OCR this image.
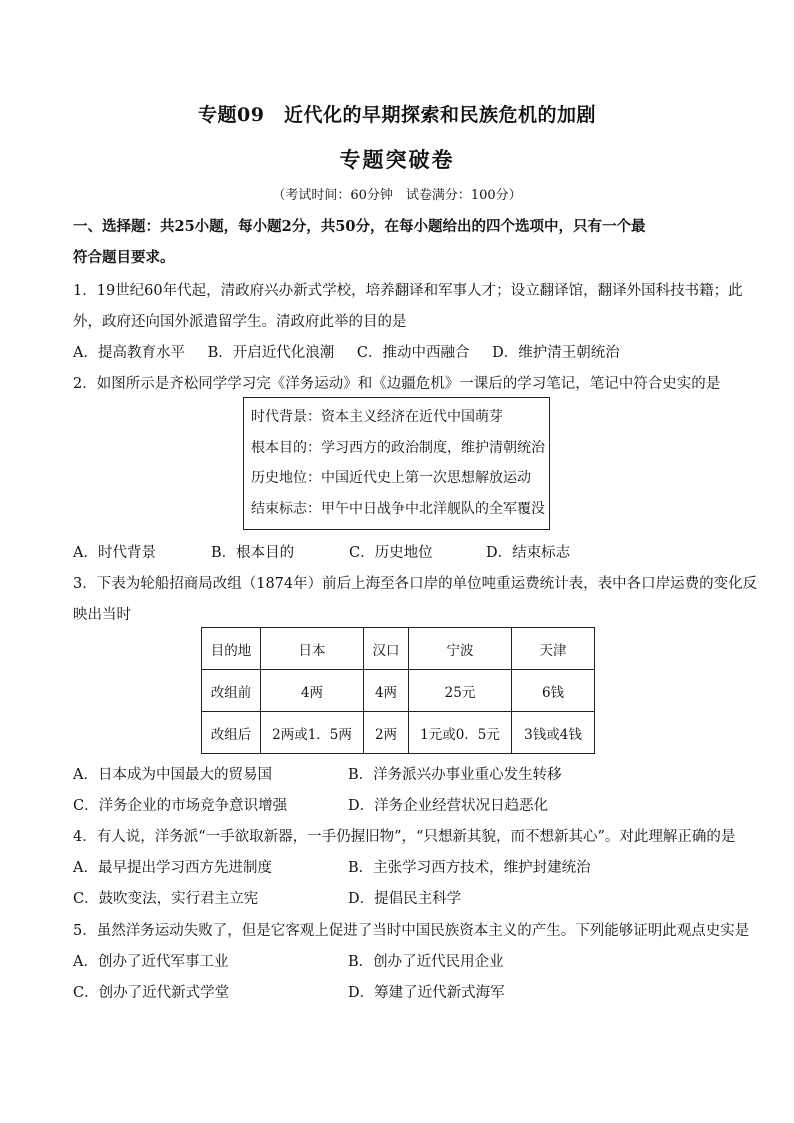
专题09　近代化的早期探索和民族危机的加剧
专题突破卷
（考试时间：60分钟　试卷满分：100分）
一、选择题：共25小题，每小题2分，共50分，在每小题给出的四个选项中，只有一个最
符合题目要求。
1．19世纪60年代起，清政府兴办新式学校，培养翻译和军事人才；设立翻译馆，翻译外国科技书籍；此
外，政府还向国外派遣留学生。清政府此举的目的是
A．提高教育水平 B．开启近代化浪潮 C．推动中西融合 D．维护清王朝统治
2．如图所示是齐松同学学习完《洋务运动》和《边疆危机》一课后的学习笔记，笔记中符合史实的是
时代背景：资本主义经济在近代中国萌芽
根本目的：学习西方的政治制度，维护清朝统治
历史地位：中国近代史上第一次思想解放运动
结束标志：甲午中日战争中北洋舰队的全军覆没
A．时代背景	B．根本目的	C．历史地位	D．结束标志
3．下表为轮船招商局改组（1874年）前后上海至各口岸的单位吨重运费统计表，表中各口岸运费的变化反
映出当时
目的地	日本	汉口	宁波	天津
改组前	4两	4两	25元	6钱
改组后	2两或1．5两	2两	1元或0．5元	3钱或4钱
A．日本成为中国最大的贸易国	B．洋务派兴办事业重心发生转移
C．洋务企业的市场竞争意识增强	D．洋务企业经营状况日趋恶化
4．有人说，洋务派“一手欲取新器，一手仍握旧物”，“只想新其貌，而不想新其心”。对此理解正确的是
A．最早提出学习西方先进制度	B．主张学习西方技术，维护封建统治
C．鼓吹变法，实行君主立宪	D．提倡民主科学
5．虽然洋务运动失败了，但是它客观上促进了当时中国民族资本主义的产生。下列能够证明此观点史实是
A．创办了近代军事工业	B．创办了近代民用企业
C．创办了近代新式学堂	D．筹建了近代新式海军
